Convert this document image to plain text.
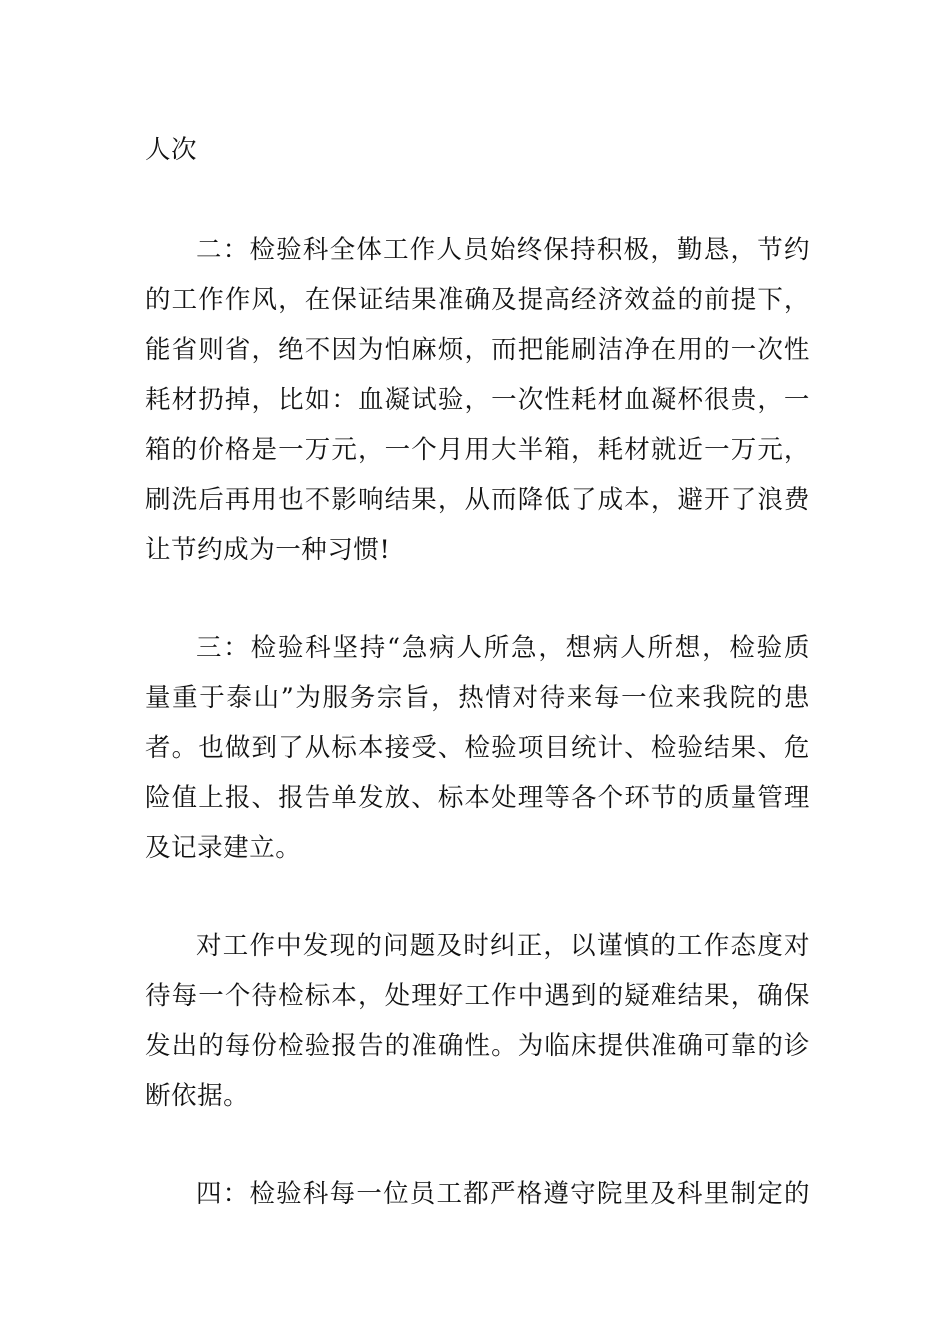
人次
二：检验科全体工作人员始终保持积极，勤恳，节约
的工作作风，在保证结果准确及提高经济效益的前提下，
能省则省，绝不因为怕麻烦，而把能刷洁净在用的一次性
耗材扔掉，比如：血凝试验，一次性耗材血凝杯很贵，一
箱的价格是一万元，一个月用大半箱，耗材就近一万元，
刷洗后再用也不影响结果，从而降低了成本，避开了浪费
让节约成为一种习惯!
三：检验科坚持“急病人所急，想病人所想，检验质
量重于泰山”为服务宗旨，热情对待来每一位来我院的患
者。也做到了从标本接受、检验项目统计、检验结果、危
险值上报、报告单发放、标本处理等各个环节的质量管理
及记录建立。
对工作中发现的问题及时纠正，以谨慎的工作态度对
待每一个待检标本，处理好工作中遇到的疑难结果，确保
发出的每份检验报告的准确性。为临床提供准确可靠的诊
断依据。
四：检验科每一位员工都严格遵守院里及科里制定的
